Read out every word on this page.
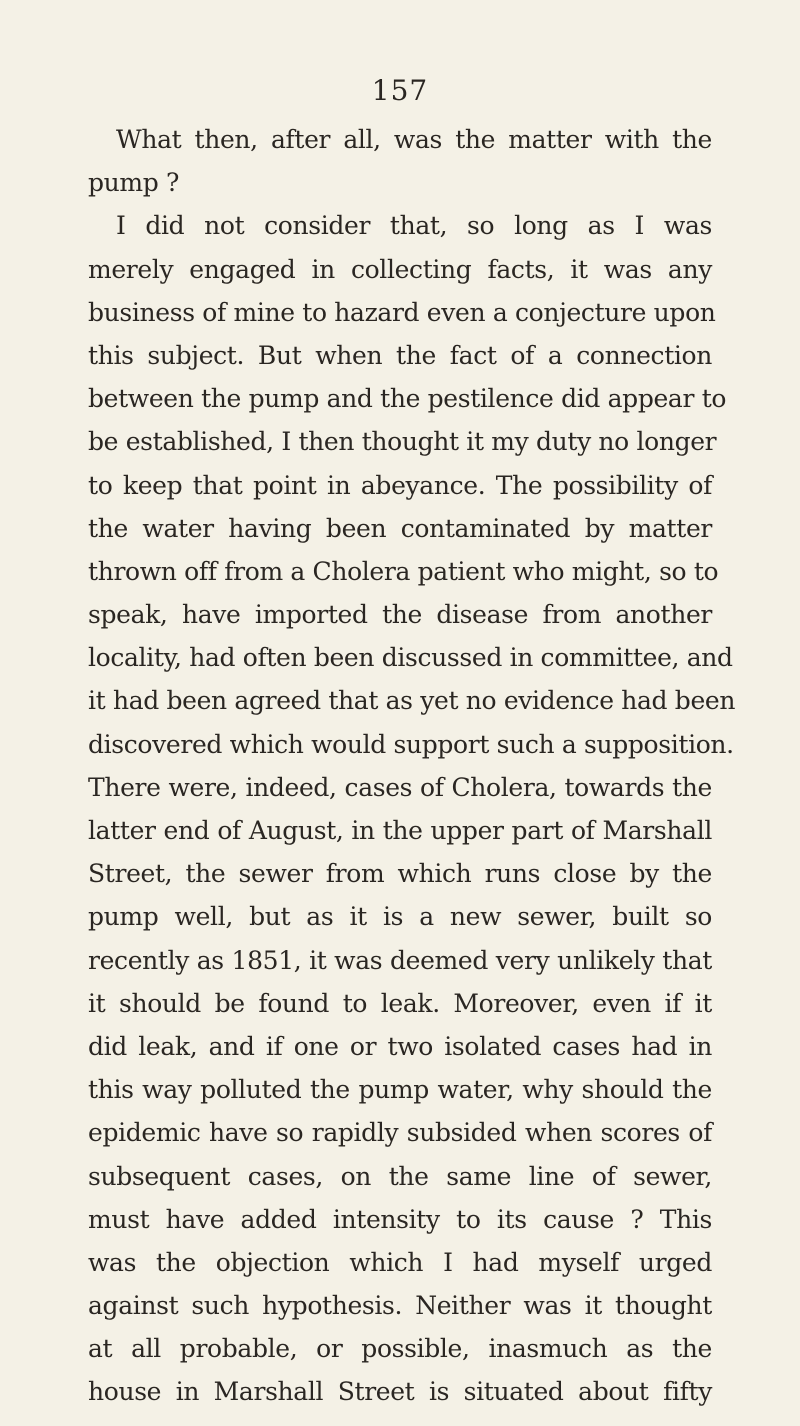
157
What then, after all, was the matter with the
pump ?
I did not consider that, so long as I was
merely engaged in collecting facts, it was any
business of mine to hazard even a conjecture upon
this subject. But when the fact of a connection
between the pump and the pestilence did appear to
be established, I then thought it my duty no longer
to keep that point in abeyance. The possibility of
the water having been contaminated by matter
thrown off from a Cholera patient who might, so to
speak, have imported the disease from another
locality, had often been discussed in committee, and
it had been agreed that as yet no evidence had been
discovered which would support such a supposition.
There were, indeed, cases of Cholera, towards the
latter end of August, in the upper part of Marshall
Street, the sewer from which runs close by the
pump well, but as it is a new sewer, built so
recently as 1851, it was deemed very unlikely that
it should be found to leak. Moreover, even if it
did leak, and if one or two isolated cases had in
this way polluted the pump water, why should the
epidemic have so rapidly subsided when scores of
subsequent cases, on the same line of sewer,
must have added intensity to its cause ? This
was the objection which I had myself urged
against such hypothesis. Neither was it thought
at all probable, or possible, inasmuch as the
house in Marshall Street is situated about fifty
